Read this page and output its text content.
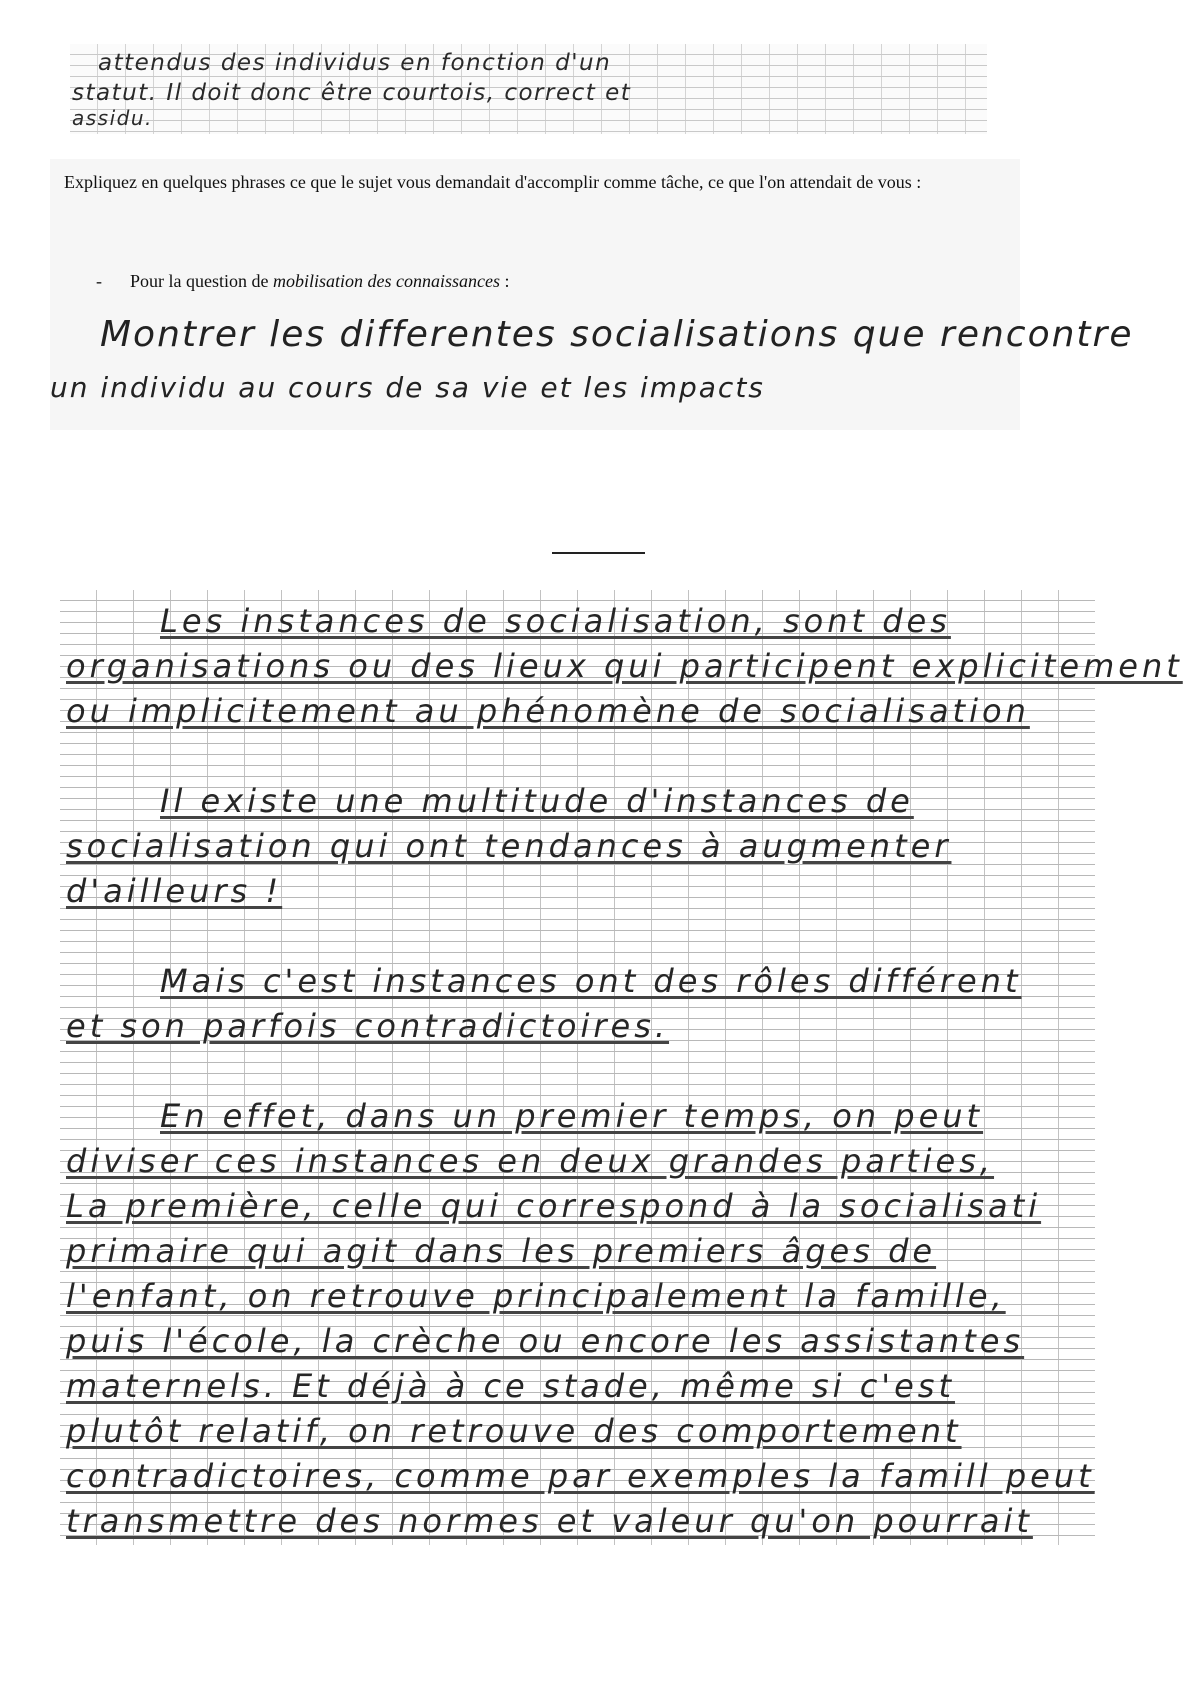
attendus des individus en fonction d'un
statut. Il doit donc être courtois, correct et
assidu.
Expliquez en quelques phrases ce que le sujet vous demandait d'accomplir comme tâche, ce que l'on attendait de vous :
- Pour la question de mobilisation des connaissances :
Montrer les differentes socialisations que rencontre
un individu au cours de sa vie et les impacts
Les instances de socialisation, sont des
organisations ou des lieux qui participent explicitement
ou implicitement au phénomène de socialisation
Il existe une multitude d'instances de
socialisation qui ont tendances à augmenter
d'ailleurs !
Mais c'est instances ont des rôles différent
et son parfois contradictoires.
En effet, dans un premier temps, on peut
diviser ces instances en deux grandes parties,
La première, celle qui correspond à la socialisati
primaire qui agit dans les premiers âges de
l'enfant, on retrouve principalement la famille,
puis l'école, la crèche ou encore les assistantes
maternels. Et déjà à ce stade, même si c'est
plutôt relatif, on retrouve des comportement
contradictoires, comme par exemples la famill peut
transmettre des normes et valeur qu'on pourrait
